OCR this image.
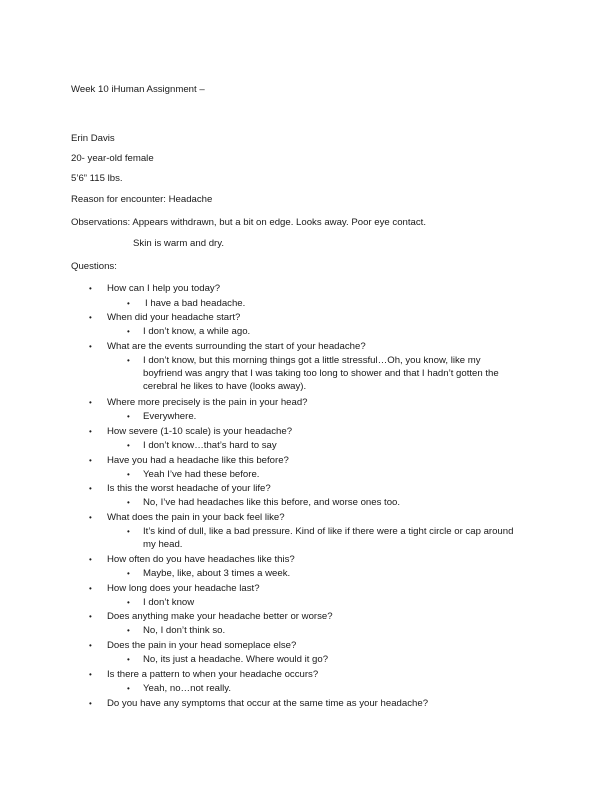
Week 10 iHuman Assignment –
Erin Davis
20- year-old female
5’6” 115 lbs.
Reason for encounter: Headache
Observations: Appears withdrawn, but a bit on edge. Looks away. Poor eye contact.
Skin is warm and dry.
Questions:
• How can I help you today?
• I have a bad headache.
• When did your headache start?
• I don’t know, a while ago.
• What are the events surrounding the start of your headache?
• I don’t know, but this morning things got a little stressful…Oh, you know, like my
boyfriend was angry that I was taking too long to shower and that I hadn’t gotten the
cerebral he likes to have (looks away).
• Where more precisely is the pain in your head?
• Everywhere.
• How severe (1-10 scale) is your headache?
• I don’t know…that’s hard to say
• Have you had a headache like this before?
• Yeah I’ve had these before.
• Is this the worst headache of your life?
• No, I’ve had headaches like this before, and worse ones too.
• What does the pain in your back feel like?
• It’s kind of dull, like a bad pressure. Kind of like if there were a tight circle or cap around
my head.
• How often do you have headaches like this?
• Maybe, like, about 3 times a week.
• How long does your headache last?
• I don’t know
• Does anything make your headache better or worse?
• No, I don’t think so.
• Does the pain in your head someplace else?
• No, its just a headache. Where would it go?
• Is there a pattern to when your headache occurs?
• Yeah, no…not really.
• Do you have any symptoms that occur at the same time as your headache?
